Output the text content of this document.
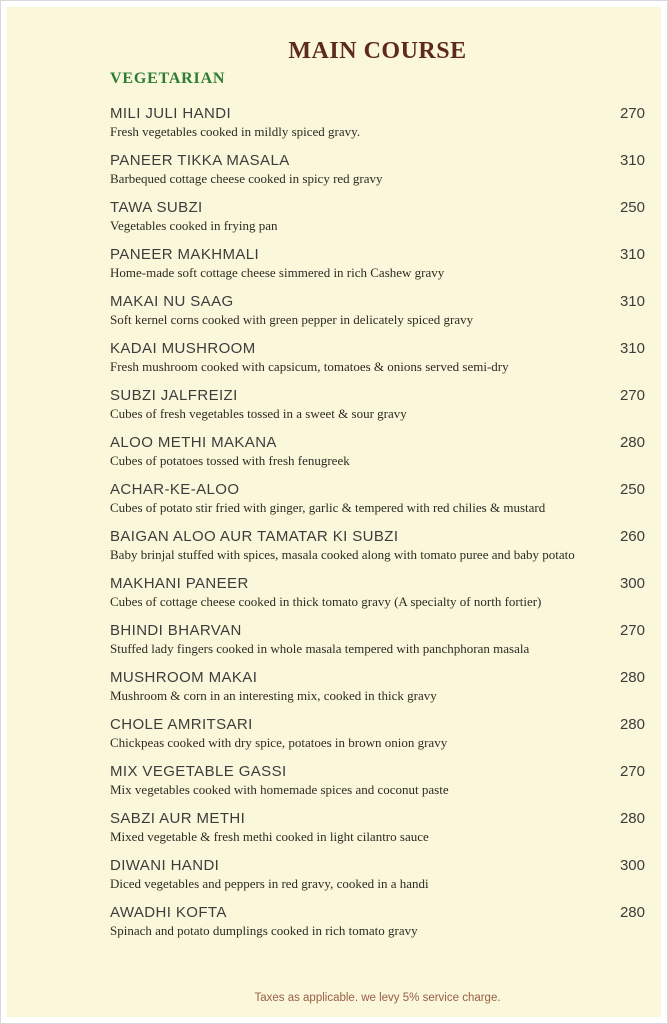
MAIN COURSE
VEGETARIAN
MILI JULI HANDI	270
Fresh vegetables cooked in mildly spiced gravy.
PANEER TIKKA MASALA	310
Barbequed cottage cheese cooked in spicy red gravy
TAWA SUBZI	250
Vegetables cooked in frying pan
PANEER MAKHMALI	310
Home-made soft cottage cheese simmered in rich Cashew gravy
MAKAI NU SAAG	310
Soft kernel corns cooked with green pepper in delicately spiced gravy
KADAI MUSHROOM	310
Fresh mushroom cooked with capsicum, tomatoes & onions served semi-dry
SUBZI JALFREIZI	270
Cubes of fresh vegetables tossed in a sweet & sour gravy
ALOO METHI MAKANA	280
Cubes of potatoes tossed with fresh fenugreek
ACHAR-KE-ALOO	250
Cubes of potato stir fried with ginger, garlic & tempered with red chilies & mustard
BAIGAN ALOO AUR TAMATAR KI SUBZI	260
Baby brinjal stuffed with spices, masala cooked along with tomato puree and baby potato
MAKHANI PANEER	300
Cubes of cottage cheese cooked in thick tomato gravy (A specialty of north fortier)
BHINDI BHARVAN	270
Stuffed lady fingers cooked in whole masala tempered with panchphoran masala
MUSHROOM MAKAI	280
Mushroom & corn in an interesting mix, cooked in thick gravy
CHOLE AMRITSARI	280
Chickpeas cooked with dry spice, potatoes in brown onion gravy
MIX VEGETABLE GASSI	270
Mix vegetables cooked with homemade spices and coconut paste
SABZI AUR METHI	280
Mixed vegetable & fresh methi cooked in light cilantro sauce
DIWANI HANDI	300
Diced vegetables and peppers in red gravy, cooked in a handi
AWADHI KOFTA	280
Spinach and potato dumplings cooked in rich tomato gravy
Taxes as applicable. we levy 5% service charge.
